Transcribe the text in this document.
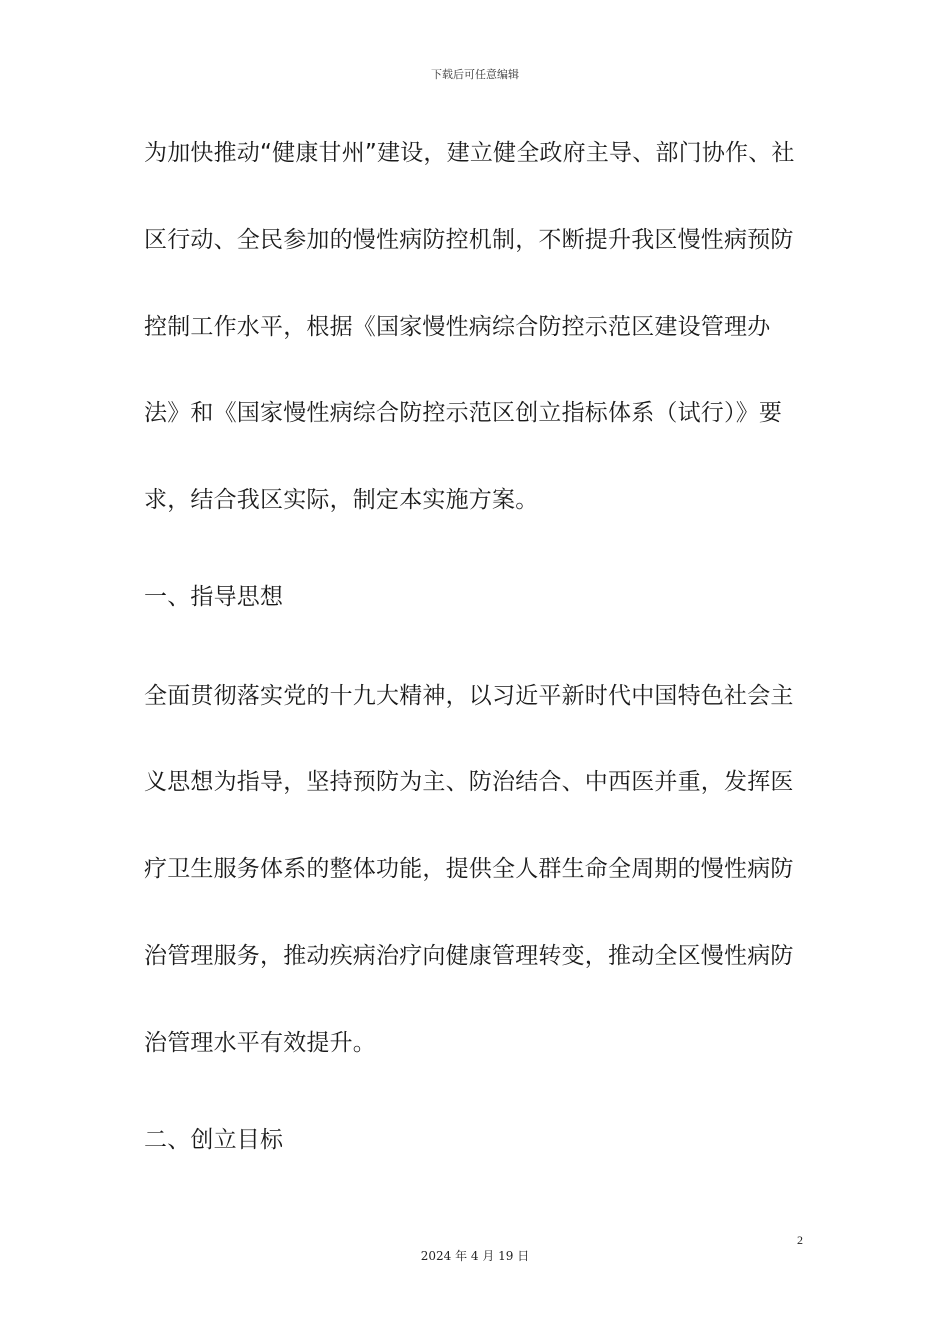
下载后可任意编辑
为加快推动“健康甘州”建设，建立健全政府主导、部门协作、社
区行动、全民参加的慢性病防控机制，不断提升我区慢性病预防
控制工作水平，根据《国家慢性病综合防控示范区建设管理办
法》和《国家慢性病综合防控示范区创立指标体系（试行）》要
求，结合我区实际，制定本实施方案。
一、指导思想
全面贯彻落实党的十九大精神，以习近平新时代中国特色社会主
义思想为指导，坚持预防为主、防治结合、中西医并重，发挥医
疗卫生服务体系的整体功能，提供全人群生命全周期的慢性病防
治管理服务，推动疾病治疗向健康管理转变，推动全区慢性病防
治管理水平有效提升。
二、创立目标
2
2024 年 4 月 19 日
